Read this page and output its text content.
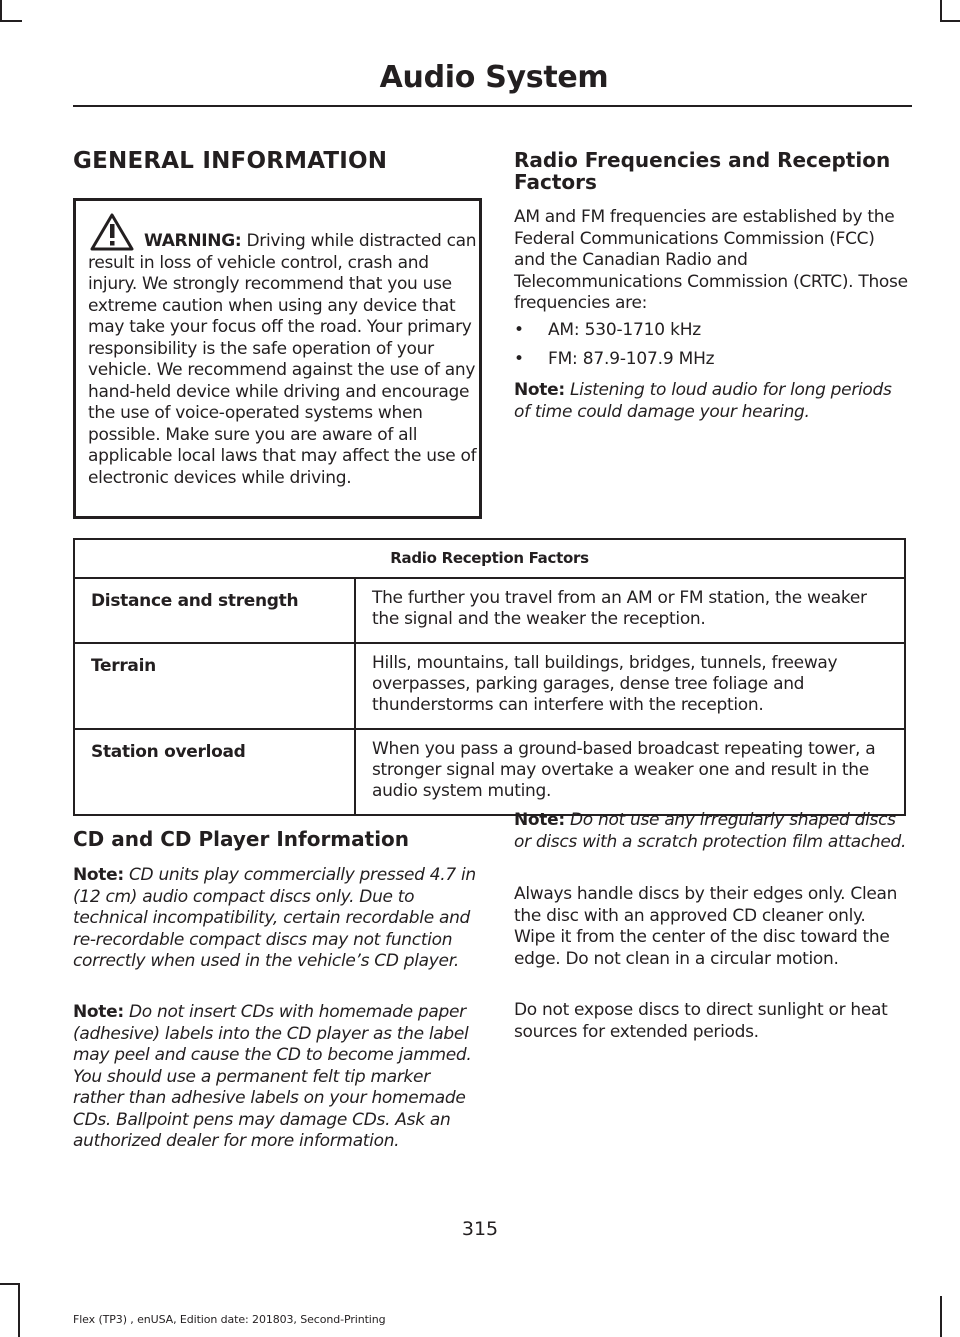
Audio System
GENERAL INFORMATION

WARNING: Driving while distracted can result in loss of vehicle control, crash and injury. We strongly recommend that you use extreme caution when using any device that may take your focus off the road. Your primary responsibility is the safe operation of your vehicle. We recommend against the use of any hand-held device while driving and encourage the use of voice-operated systems when possible. Make sure you are aware of all applicable local laws that may affect the use of electronic devices while driving.

Radio Frequencies and Reception Factors

AM and FM frequencies are established by the Federal Communications Commission (FCC) and the Canadian Radio and Telecommunications Commission (CRTC). Those frequencies are:

• AM: 530-1710 kHz
• FM: 87.9-107.9 MHz

Note: Listening to loud audio for long periods of time could damage your hearing.

Radio Reception Factors	
Distance and strength	The further you travel from an AM or FM station, the weaker the signal and the weaker the reception.
Terrain	Hills, mountains, tall buildings, bridges, tunnels, freeway overpasses, parking garages, dense tree foliage and thunderstorms can interfere with the reception.
Station overload	When you pass a ground-based broadcast repeating tower, a stronger signal may overtake a weaker one and result in the audio system muting.
CD and CD Player Information

Note: CD units play commercially pressed 4.7 in (12 cm) audio compact discs only. Due to technical incompatibility, certain recordable and re-recordable compact discs may not function correctly when used in the vehicle’s CD player.

Note: Do not insert CDs with homemade paper (adhesive) labels into the CD player as the label may peel and cause the CD to become jammed. You should use a permanent felt tip marker rather than adhesive labels on your homemade CDs. Ballpoint pens may damage CDs. Ask an authorized dealer for more information.

Note: Do not use any irregularly shaped discs or discs with a scratch protection film attached.

Always handle discs by their edges only. Clean the disc with an approved CD cleaner only. Wipe it from the center of the disc toward the edge. Do not clean in a circular motion.

Do not expose discs to direct sunlight or heat sources for extended periods.

315
Flex (TP3) , enUSA, Edition date: 201803, Second-Printing
